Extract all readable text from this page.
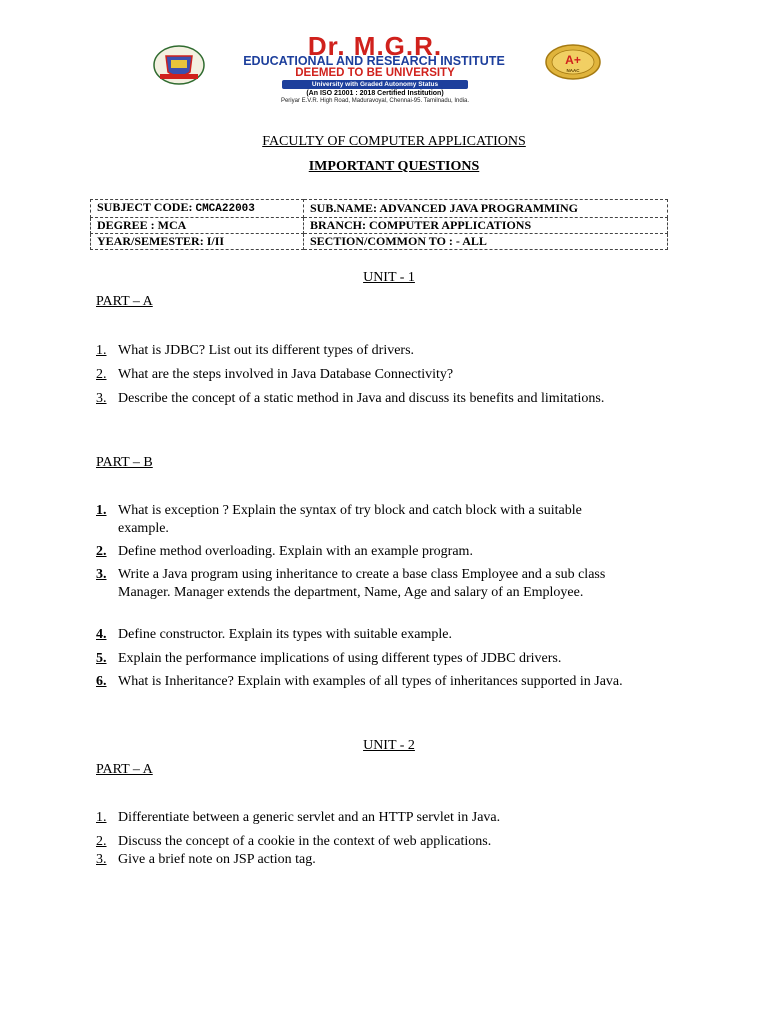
A+
NAAC
Dr. M.G.R.
EDUCATIONAL AND RESEARCH INSTITUTE
DEEMED TO BE UNIVERSITY
University with Graded Autonomy Status
(An ISO 21001 : 2018 Certified Institution)
Periyar E.V.R. High Road, Maduravoyal, Chennai-95. Tamilnadu, India.
FACULTY OF COMPUTER APPLICATIONS
IMPORTANT QUESTIONS
SUBJECT CODE: CMCA22003	SUB.NAME: ADVANCED JAVA PROGRAMMING
DEGREE : MCA	BRANCH: COMPUTER APPLICATIONS
YEAR/SEMESTER: I/II	SECTION/COMMON TO : - ALL
UNIT - 1
PART – A
1. What is JDBC? List out its different types of drivers.
2. What are the steps involved in Java Database Connectivity?
3. Describe the concept of a static method in Java and discuss its benefits and limitations.
PART – B
1. What is exception ? Explain the syntax of try block and catch block with a suitable example.
2. Define method overloading. Explain with an example program.
3. Write a Java program using inheritance to create a base class Employee and a sub class Manager. Manager extends the department, Name, Age and salary of an Employee.
4. Define constructor. Explain its types with suitable example.
5. Explain the performance implications of using different types of JDBC drivers.
6. What is Inheritance? Explain with examples of all types of inheritances supported in Java.
UNIT - 2
PART – A
1. Differentiate between a generic servlet and an HTTP servlet in Java.
2. Discuss the concept of a cookie in the context of web applications.
3. Give a brief note on JSP action tag.
